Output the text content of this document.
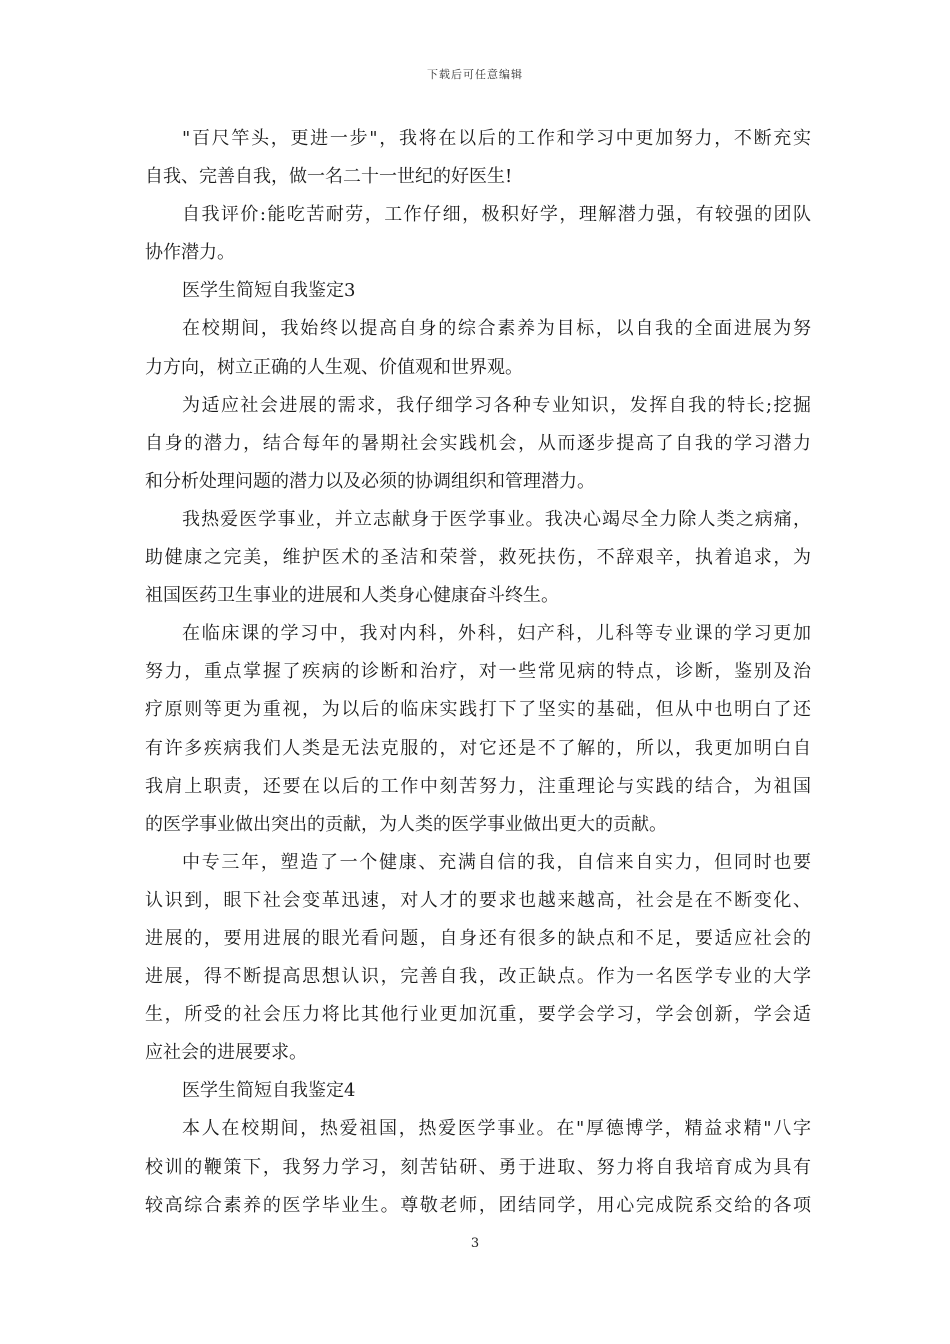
下载后可任意编辑
"百尺竿头，更进一步"，我将在以后的工作和学习中更加努力，不断充实
自我、完善自我，做一名二十一世纪的好医生!
自我评价:能吃苦耐劳，工作仔细，极积好学，理解潜力强，有较强的团队
协作潜力。
医学生简短自我鉴定3
在校期间，我始终以提高自身的综合素养为目标，以自我的全面进展为努
力方向，树立正确的人生观、价值观和世界观。
为适应社会进展的需求，我仔细学习各种专业知识，发挥自我的特长;挖掘
自身的潜力，结合每年的暑期社会实践机会，从而逐步提高了自我的学习潜力
和分析处理问题的潜力以及必须的协调组织和管理潜力。
我热爱医学事业，并立志献身于医学事业。我决心竭尽全力除人类之病痛，
助健康之完美，维护医术的圣洁和荣誉，救死扶伤，不辞艰辛，执着追求，为
祖国医药卫生事业的进展和人类身心健康奋斗终生。
在临床课的学习中，我对内科，外科，妇产科，儿科等专业课的学习更加
努力，重点掌握了疾病的诊断和治疗，对一些常见病的特点，诊断，鉴别及治
疗原则等更为重视，为以后的临床实践打下了坚实的基础，但从中也明白了还
有许多疾病我们人类是无法克服的，对它还是不了解的，所以，我更加明白自
我肩上职责，还要在以后的工作中刻苦努力，注重理论与实践的结合，为祖国
的医学事业做出突出的贡献，为人类的医学事业做出更大的贡献。
中专三年，塑造了一个健康、充满自信的我，自信来自实力，但同时也要
认识到，眼下社会变革迅速，对人才的要求也越来越高，社会是在不断变化、
进展的，要用进展的眼光看问题，自身还有很多的缺点和不足，要适应社会的
进展，得不断提高思想认识，完善自我，改正缺点。作为一名医学专业的大学
生，所受的社会压力将比其他行业更加沉重，要学会学习，学会创新，学会适
应社会的进展要求。
医学生简短自我鉴定4
本人在校期间，热爱祖国，热爱医学事业。在"厚德博学，精益求精"八字
校训的鞭策下，我努力学习，刻苦钻研、勇于进取、努力将自我培育成为具有
较高综合素养的医学毕业生。尊敬老师，团结同学，用心完成院系交给的各项
3
